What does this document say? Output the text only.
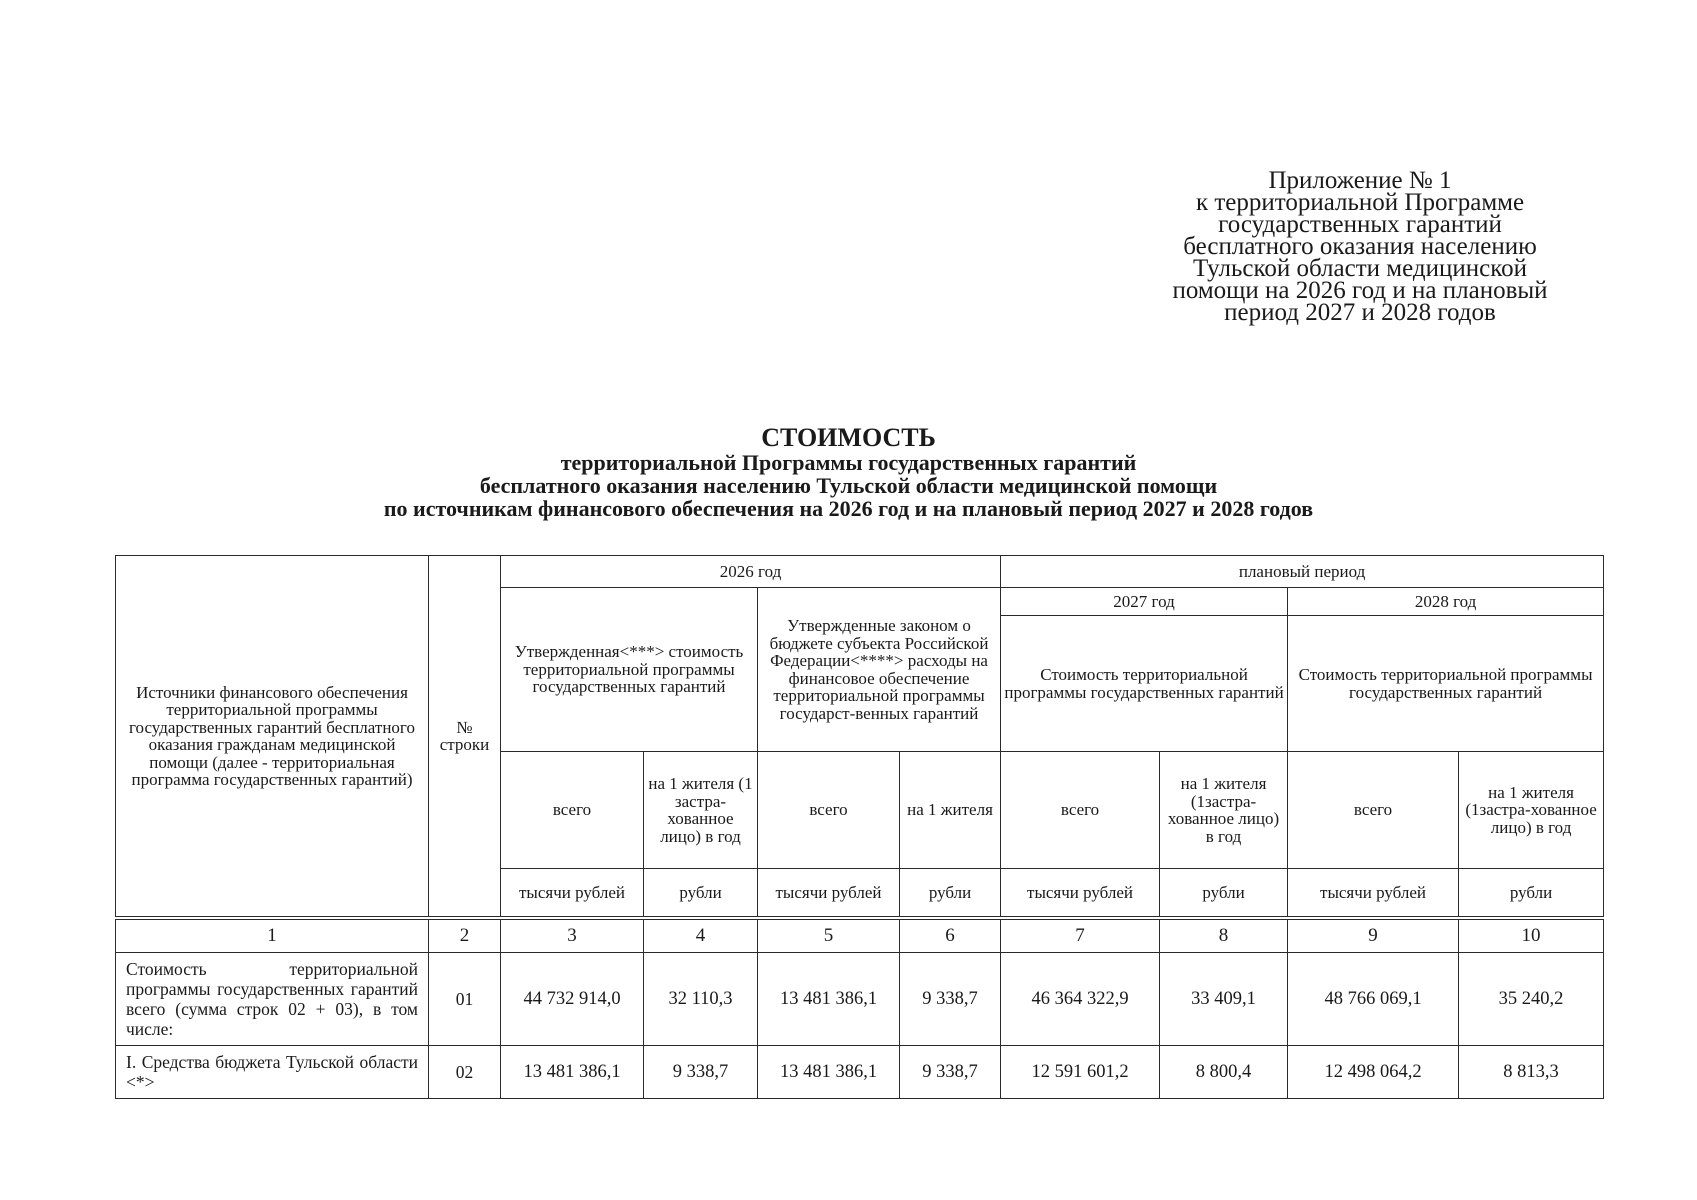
Приложение № 1
к территориальной Программе
государственных гарантий
бесплатного оказания населению
Тульской области медицинской
помощи на 2026 год и на плановый
период 2027 и 2028 годов
СТОИМОСТЬ
территориальной Программы государственных гарантий
бесплатного оказания населению Тульской области медицинской помощи
по источникам финансового обеспечения на 2026 год и на плановый период 2027 и 2028 годов
Источники финансового обеспечения территориальной программы государственных гарантий бесплатного оказания гражданам медицинской помощи (далее - территориальная программа государственных гарантий)	№ строки	2026 год				плановый период			
		Утвержденная<***> стоимость территориальной программы государственных гарантий		Утвержденные законом о бюджете субъекта Российской Федерации<****> расходы на финансовое обеспечение территориальной программы государст-венных гарантий		2027 год		2028 год	
						Стоимость территориальной программы государственных гарантий		Стоимость территориальной программы государственных гарантий	
		всего	на 1 жителя (1 застра-хованное лицо) в год	всего	на 1 жителя	всего	на 1 жителя (1застра-хованное лицо) в год	всего	на 1 жителя (1застра-хованное лицо) в год
		тысячи рублей	рубли	тысячи рублей	рубли	тысячи рублей	рубли	тысячи рублей	рубли

1	2	3	4	5	6	7	8	9	10
Стоимость территориальной программы государственных гарантий всего (сумма строк 02 + 03), в том числе:	01	44 732 914,0	32 110,3	13 481 386,1	9 338,7	46 364 322,9	33 409,1	48 766 069,1	35 240,2
I. Средства бюджета Тульской области <*>	02	13 481 386,1	9 338,7	13 481 386,1	9 338,7	12 591 601,2	8 800,4	12 498 064,2	8 813,3
